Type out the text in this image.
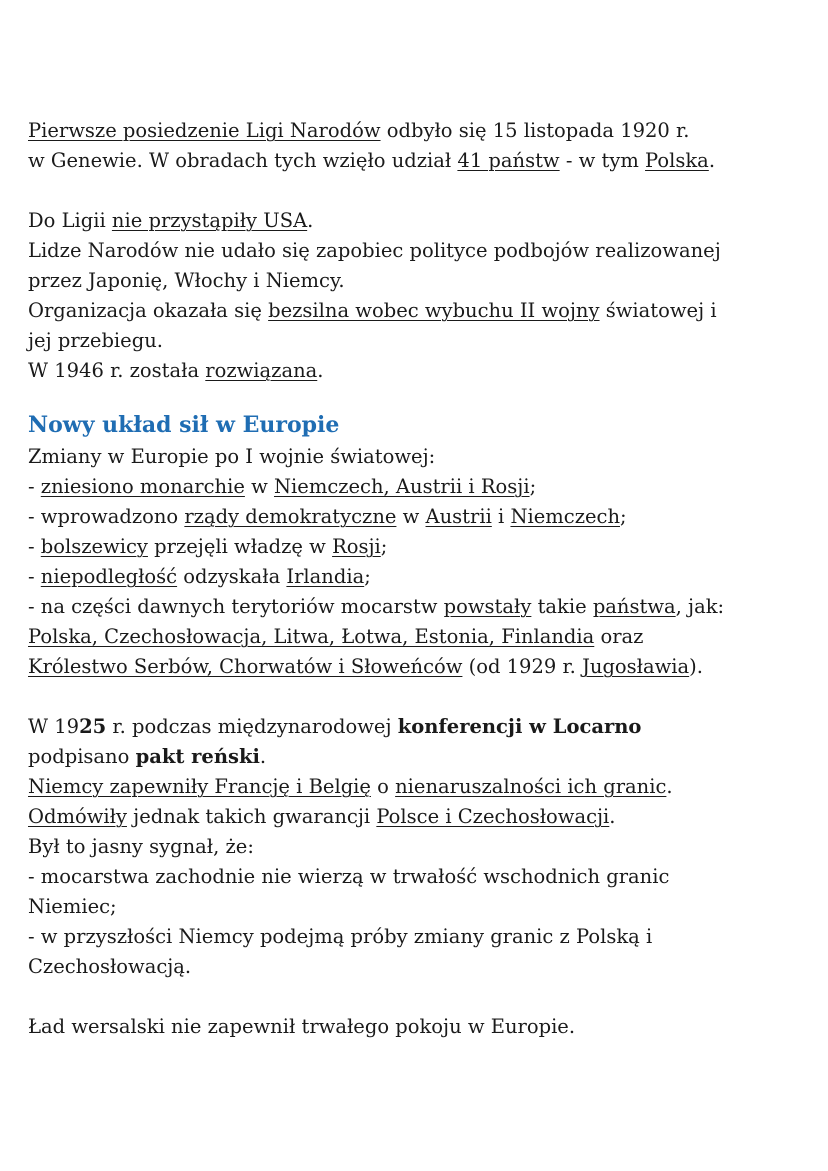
Pierwsze posiedzenie Ligi Narodów odbyło się 15 listopada 1920 r.

w Genewie. W obradach tych wzięło udział 41 państw - w tym Polska.

Do Ligii nie przystąpiły USA.

Lidze Narodów nie udało się zapobiec polityce podbojów realizowanej

przez Japonię, Włochy i Niemcy.

Organizacja okazała się bezsilna wobec wybuchu II wojny światowej i

jej przebiegu.

W 1946 r. została rozwiązana.

Nowy układ sił w Europie

Zmiany w Europie po I wojnie światowej:

- zniesiono monarchie w Niemczech, Austrii i Rosji;

- wprowadzono rządy demokratyczne w Austrii i Niemczech;

- bolszewicy przejęli władzę w Rosji;

- niepodległość odzyskała Irlandia;

- na części dawnych terytoriów mocarstw powstały takie państwa, jak:

Polska, Czechosłowacja, Litwa, Łotwa, Estonia, Finlandia oraz

Królestwo Serbów, Chorwatów i Słoweńców (od 1929 r. Jugosławia).

W 1925 r. podczas międzynarodowej konferencji w Locarno

podpisano pakt reński.

Niemcy zapewniły Francję i Belgię o nienaruszalności ich granic.

Odmówiły jednak takich gwarancji Polsce i Czechosłowacji.

Był to jasny sygnał, że:

- mocarstwa zachodnie nie wierzą w trwałość wschodnich granic

Niemiec;

- w przyszłości Niemcy podejmą próby zmiany granic z Polską i

Czechosłowacją.

Ład wersalski nie zapewnił trwałego pokoju w Europie.
